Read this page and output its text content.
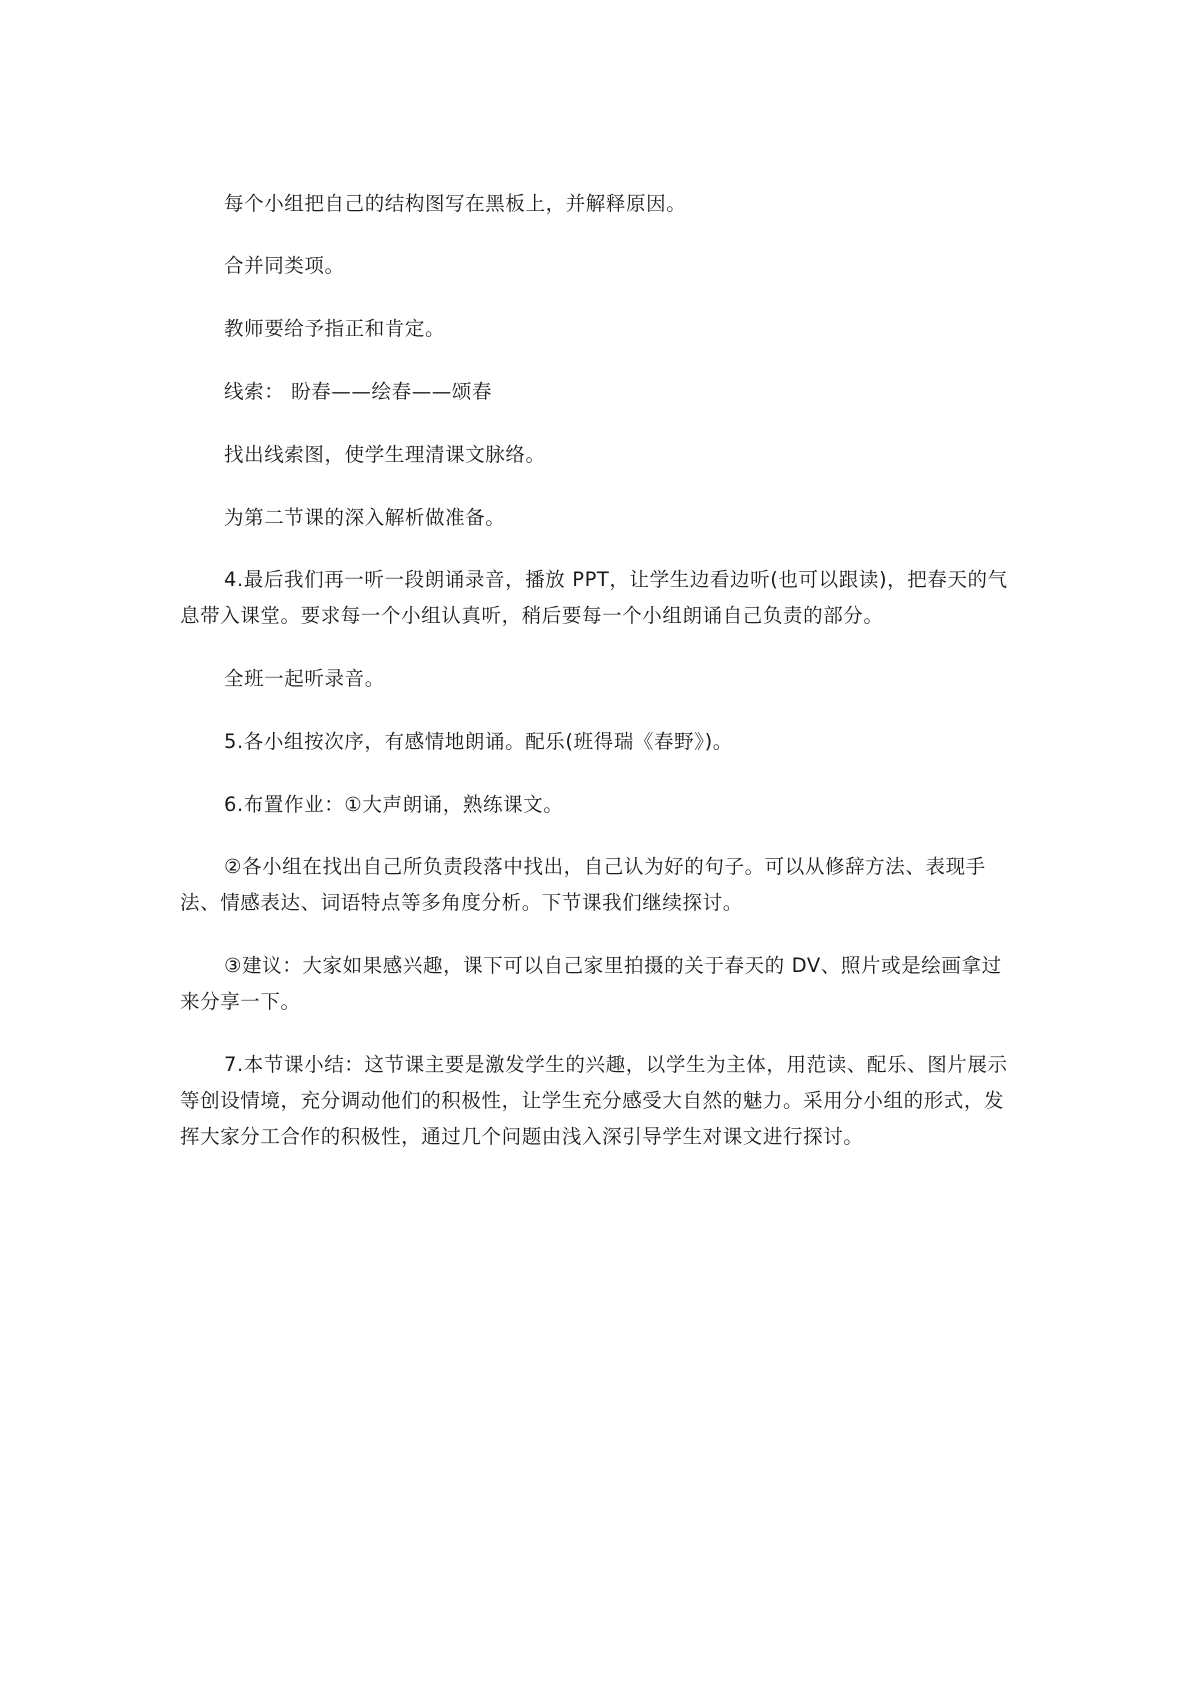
每个小组把自己的结构图写在黑板上，并解释原因。

合并同类项。

教师要给予指正和肯定。

线索： 盼春——绘春——颂春

找出线索图，使学生理清课文脉络。

为第二节课的深入解析做准备。

4.最后我们再一听一段朗诵录音，播放 PPT，让学生边看边听(也可以跟读)，把春天的气息带入课堂。要求每一个小组认真听，稍后要每一个小组朗诵自己负责的部分。

全班一起听录音。

5.各小组按次序，有感情地朗诵。配乐(班得瑞《春野》)。

6.布置作业：①大声朗诵，熟练课文。

②各小组在找出自己所负责段落中找出，自己认为好的句子。可以从修辞方法、表现手法、情感表达、词语特点等多角度分析。下节课我们继续探讨。

③建议：大家如果感兴趣，课下可以自己家里拍摄的关于春天的 DV、照片或是绘画拿过来分享一下。

7.本节课小结：这节课主要是激发学生的兴趣，以学生为主体，用范读、配乐、图片展示等创设情境，充分调动他们的积极性，让学生充分感受大自然的魅力。采用分小组的形式，发挥大家分工合作的积极性，通过几个问题由浅入深引导学生对课文进行探讨。
